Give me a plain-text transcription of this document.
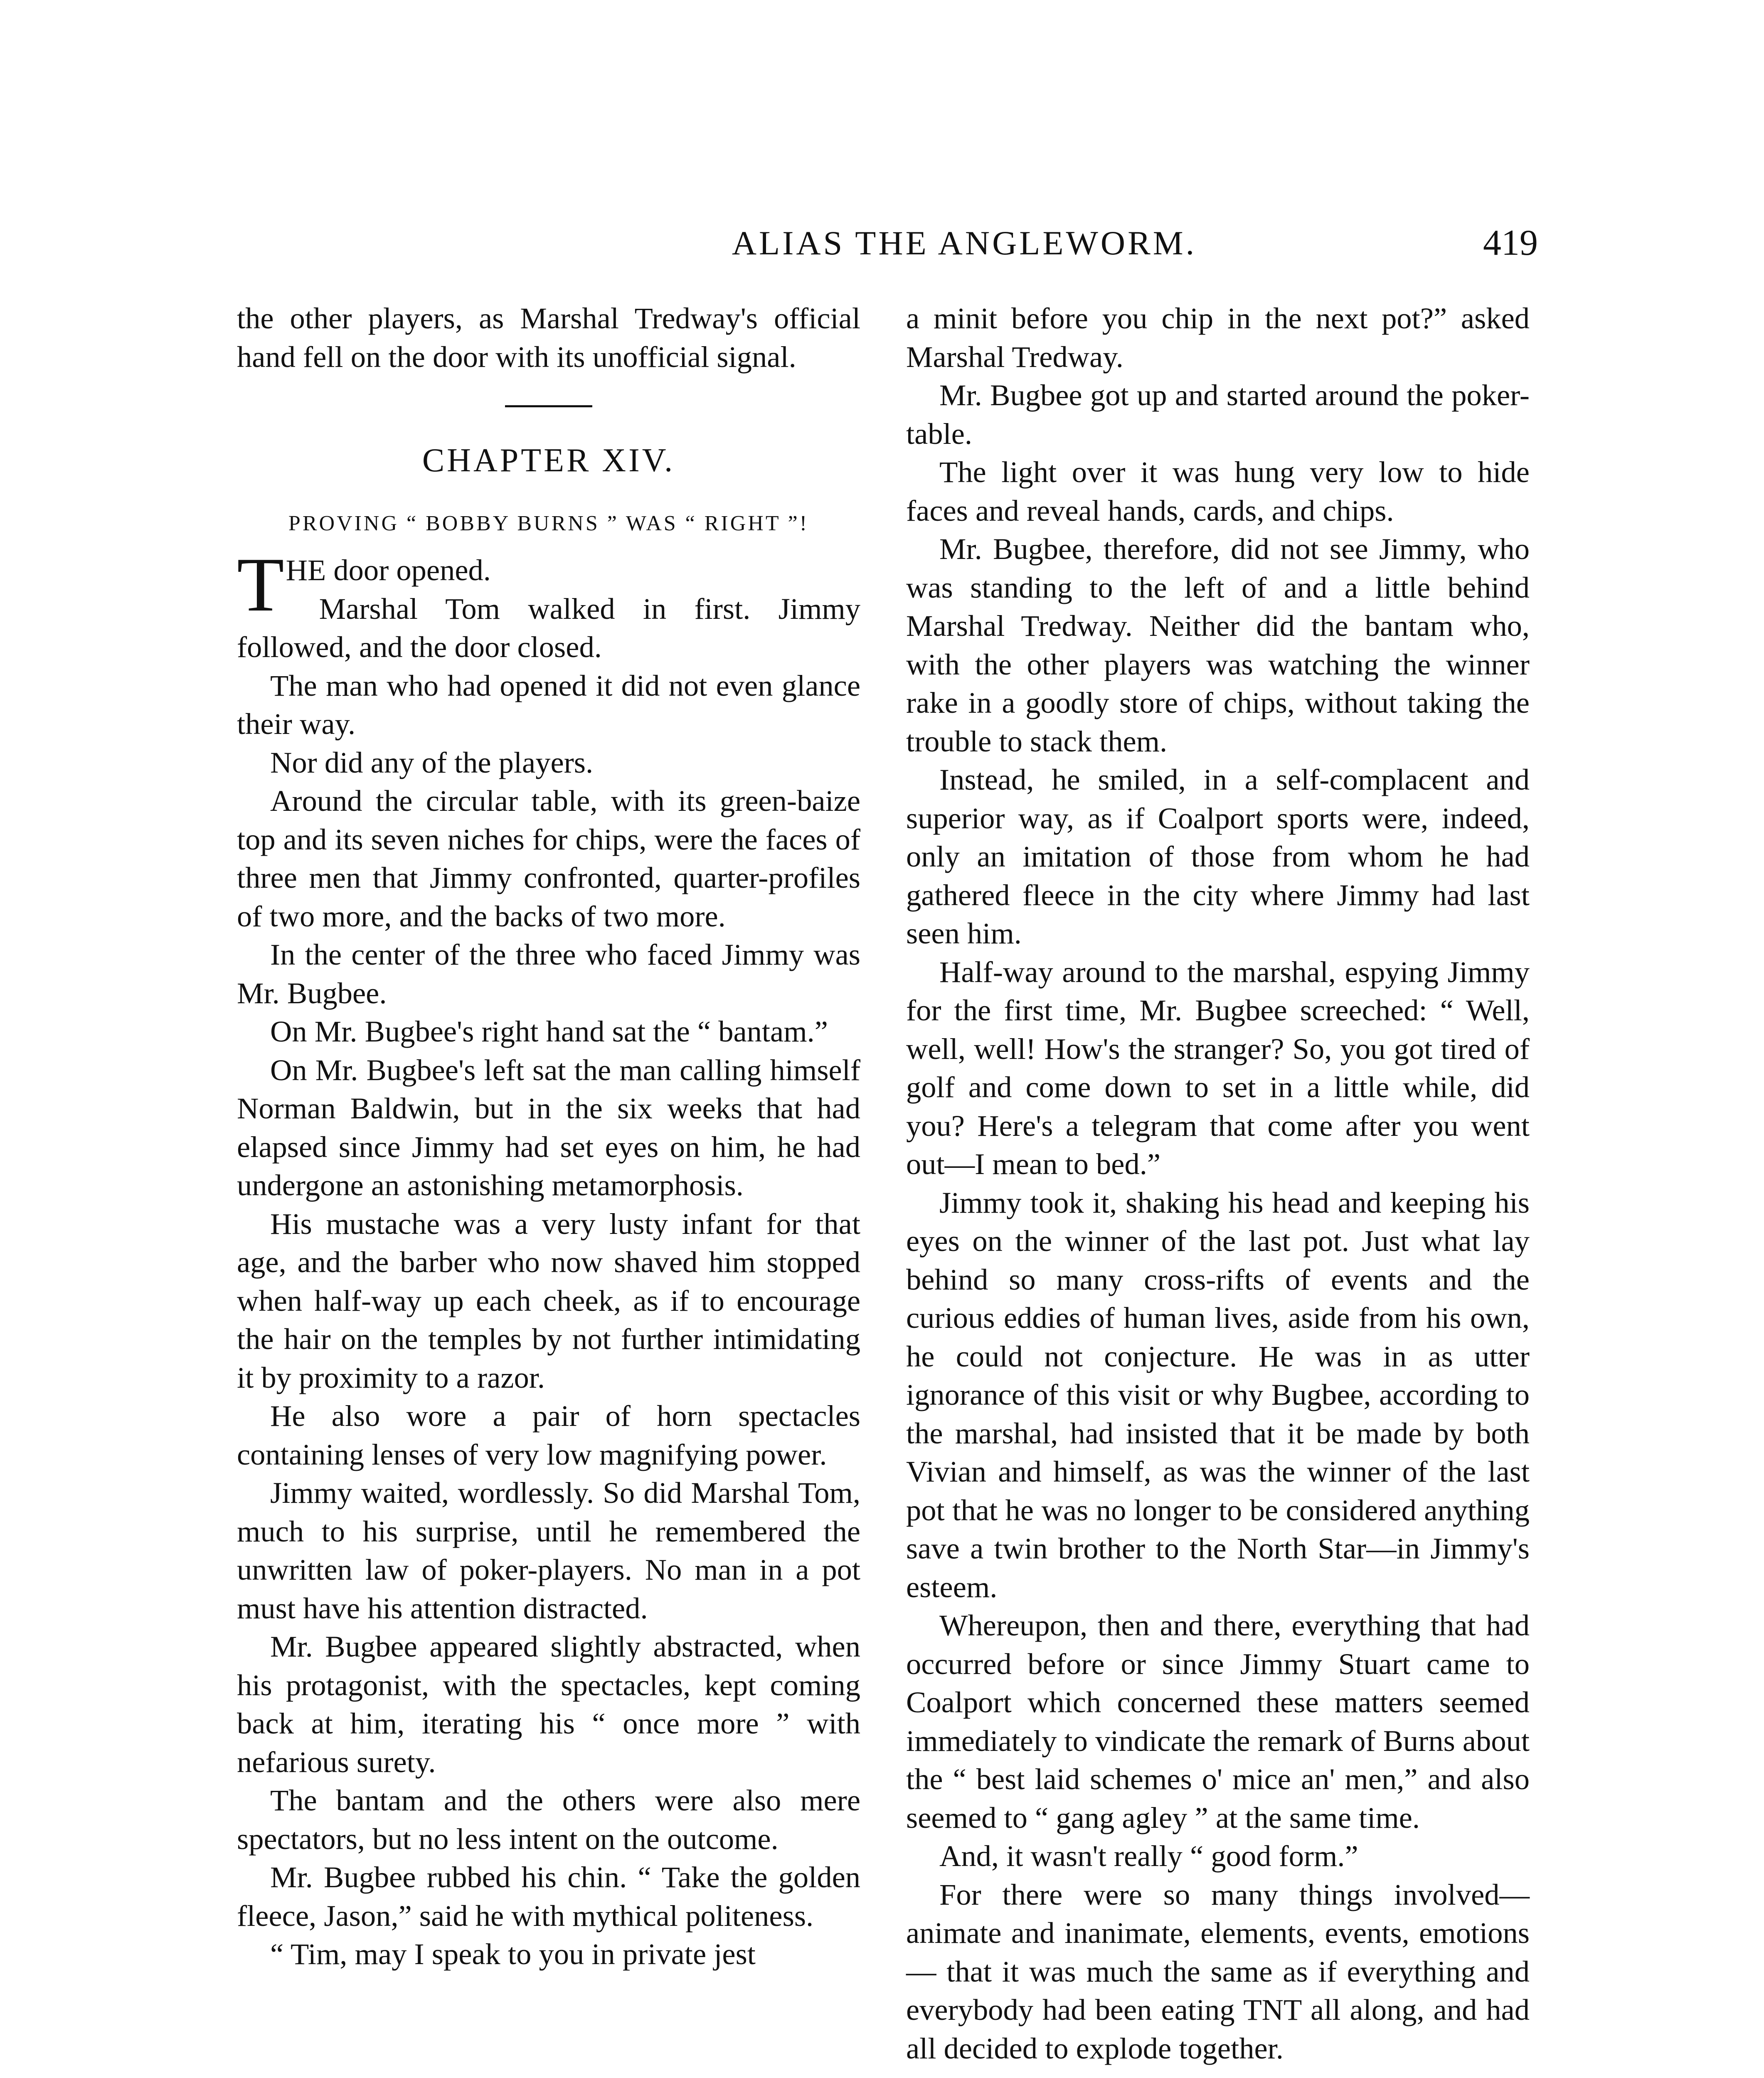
ALIAS THE ANGLEWORM.	419

the other players, as Marshal Tredway's official hand fell on the door with its unofficial signal.

CHAPTER XIV.
PROVING “ BOBBY BURNS ” WAS “ RIGHT ”!

THE door opened.

Marshal Tom walked in first. Jimmy followed, and the door closed.

The man who had opened it did not even glance their way.

Nor did any of the players.

Around the circular table, with its green-baize top and its seven niches for chips, were the faces of three men that Jimmy confronted, quarter-profiles of two more, and the backs of two more.

In the center of the three who faced Jimmy was Mr. Bugbee.

On Mr. Bugbee's right hand sat the “ bantam.”

On Mr. Bugbee's left sat the man calling himself Norman Baldwin, but in the six weeks that had elapsed since Jimmy had set eyes on him, he had undergone an astonishing metamorphosis.

His mustache was a very lusty infant for that age, and the barber who now shaved him stopped when half-way up each cheek, as if to encourage the hair on the temples by not further intimidating it by proximity to a razor.

He also wore a pair of horn spectacles containing lenses of very low magnifying power.

Jimmy waited, wordlessly. So did Marshal Tom, much to his surprise, until he remembered the unwritten law of poker-players. No man in a pot must have his attention distracted.

Mr. Bugbee appeared slightly abstracted, when his protagonist, with the spectacles, kept coming back at him, iterating his “ once more ” with nefarious surety.

The bantam and the others were also mere spectators, but no less intent on the outcome.

Mr. Bugbee rubbed his chin. “ Take the golden fleece, Jason,” said he with mythical politeness.

“ Tim, may I speak to you in private jest

a minit before you chip in the next pot?” asked Marshal Tredway.

Mr. Bugbee got up and started around the poker-table.

The light over it was hung very low to hide faces and reveal hands, cards, and chips.

Mr. Bugbee, therefore, did not see Jimmy, who was standing to the left of and a little behind Marshal Tredway. Neither did the bantam who, with the other players was watching the winner rake in a goodly store of chips, without taking the trouble to stack them.

Instead, he smiled, in a self-complacent and superior way, as if Coalport sports were, indeed, only an imitation of those from whom he had gathered fleece in the city where Jimmy had last seen him.

Half-way around to the marshal, espying Jimmy for the first time, Mr. Bugbee screeched: “ Well, well, well! How's the stranger? So, you got tired of golf and come down to set in a little while, did you? Here's a telegram that come after you went out—I mean to bed.”

Jimmy took it, shaking his head and keeping his eyes on the winner of the last pot. Just what lay behind so many cross-rifts of events and the curious eddies of human lives, aside from his own, he could not conjecture. He was in as utter ignorance of this visit or why Bugbee, according to the marshal, had insisted that it be made by both Vivian and himself, as was the winner of the last pot that he was no longer to be considered anything save a twin brother to the North Star—in Jimmy's esteem.

Whereupon, then and there, everything that had occurred before or since Jimmy Stuart came to Coalport which concerned these matters seemed immediately to vindicate the remark of Burns about the “ best laid schemes o' mice an' men,” and also seemed to “ gang agley ” at the same time.

And, it wasn't really “ good form.”

For there were so many things involved—animate and inanimate, elements, events, emotions — that it was much the same as if everything and everybody had been eating TNT all along, and had all decided to explode together.
